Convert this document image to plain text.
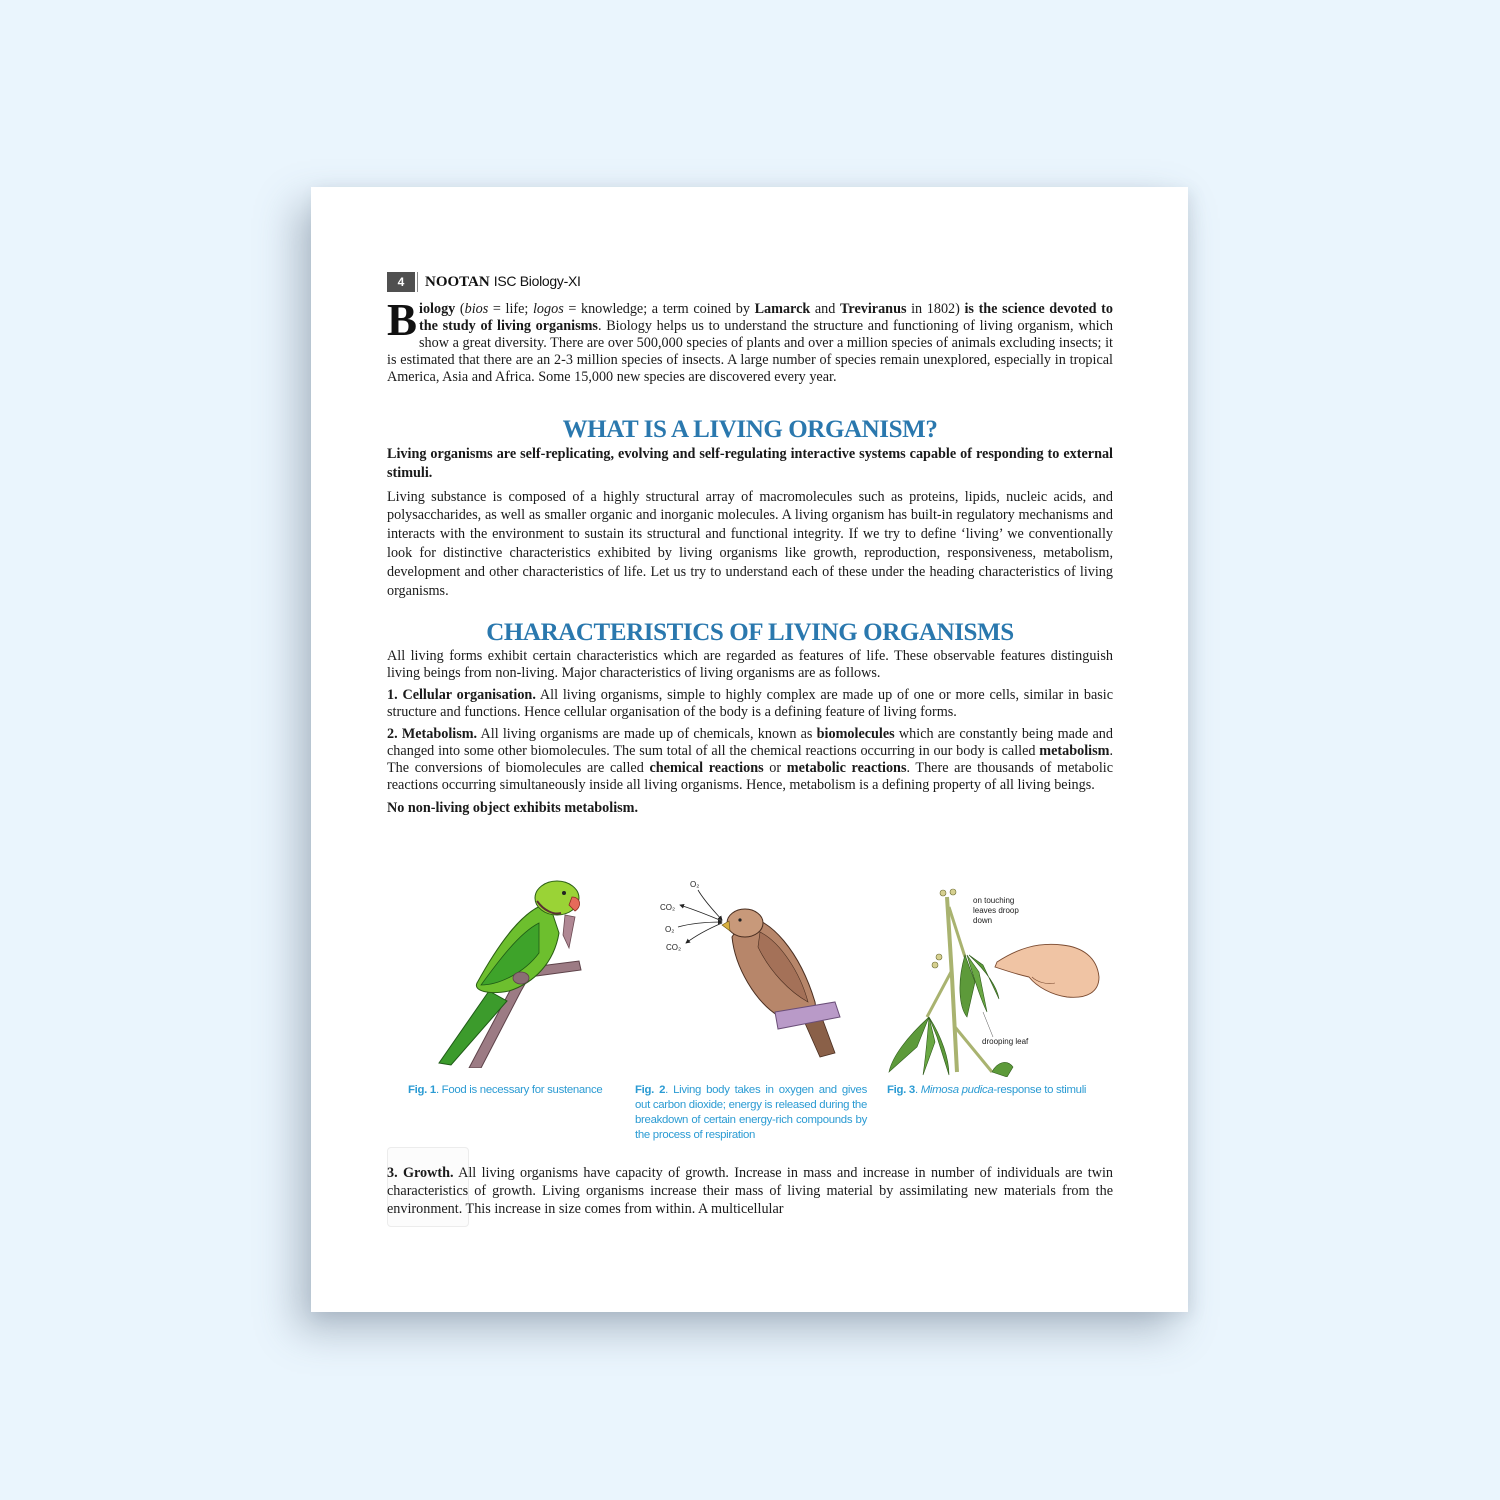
4	NOOTAN ISC Biology-XI

Biology (bios = life; logos = knowledge; a term coined by Lamarck and Treviranus in 1802) is the science devoted to the study of living organisms. Biology helps us to understand the structure and functioning of living organism, which show a great diversity. There are over 500,000 species of plants and over a million species of animals excluding insects; it is estimated that there are an 2-3 million species of insects. A large number of species remain unexplored, especially in tropical America, Asia and Africa. Some 15,000 new species are discovered every year.

WHAT IS A LIVING ORGANISM?

Living organisms are self-replicating, evolving and self-regulating interactive systems capable of responding to external stimuli.

Living substance is composed of a highly structural array of macromolecules such as proteins, lipids, nucleic acids, and polysaccharides, as well as smaller organic and inorganic molecules. A living organism has built-in regulatory mechanisms and interacts with the environment to sustain its structural and functional integrity. If we try to define ‘living’ we conventionally look for distinctive characteristics exhibited by living organisms like growth, reproduction, responsiveness, metabolism, development and other characteristics of life. Let us try to understand each of these under the heading characteristics of living organisms.

CHARACTERISTICS OF LIVING ORGANISMS

All living forms exhibit certain characteristics which are regarded as features of life. These observable features distinguish living beings from non-living. Major characteristics of living organisms are as follows.

1. Cellular organisation. All living organisms, simple to highly complex are made up of one or more cells, similar in basic structure and functions. Hence cellular organisation of the body is a defining feature of living forms.

2. Metabolism. All living organisms are made up of chemicals, known as biomolecules which are constantly being made and changed into some other biomolecules. The sum total of all the chemical reactions occurring in our body is called metabolism. The conversions of biomolecules are called chemical reactions or metabolic reactions. There are thousands of metabolic reactions occurring simultaneously inside all living organisms. Hence, metabolism is a defining property of all living beings.

No non-living object exhibits metabolism.

O₂
CO₂
O₂
CO₂
on touching
leaves droop
down
drooping leaf
Fig. 1. Food is necessary for sustenance	Fig. 2. Living body takes in oxygen and gives out carbon dioxide; energy is released during the breakdown of certain energy-rich compounds by the process of respiration
Fig. 3. Mimosa pudica-response to stimuli

3. Growth. All living organisms have capacity of growth. Increase in mass and increase in number of individuals are twin characteristics of growth. Living organisms increase their mass of living material by assimilating new materials from the environment. This increase in size comes from within. A multicellular
